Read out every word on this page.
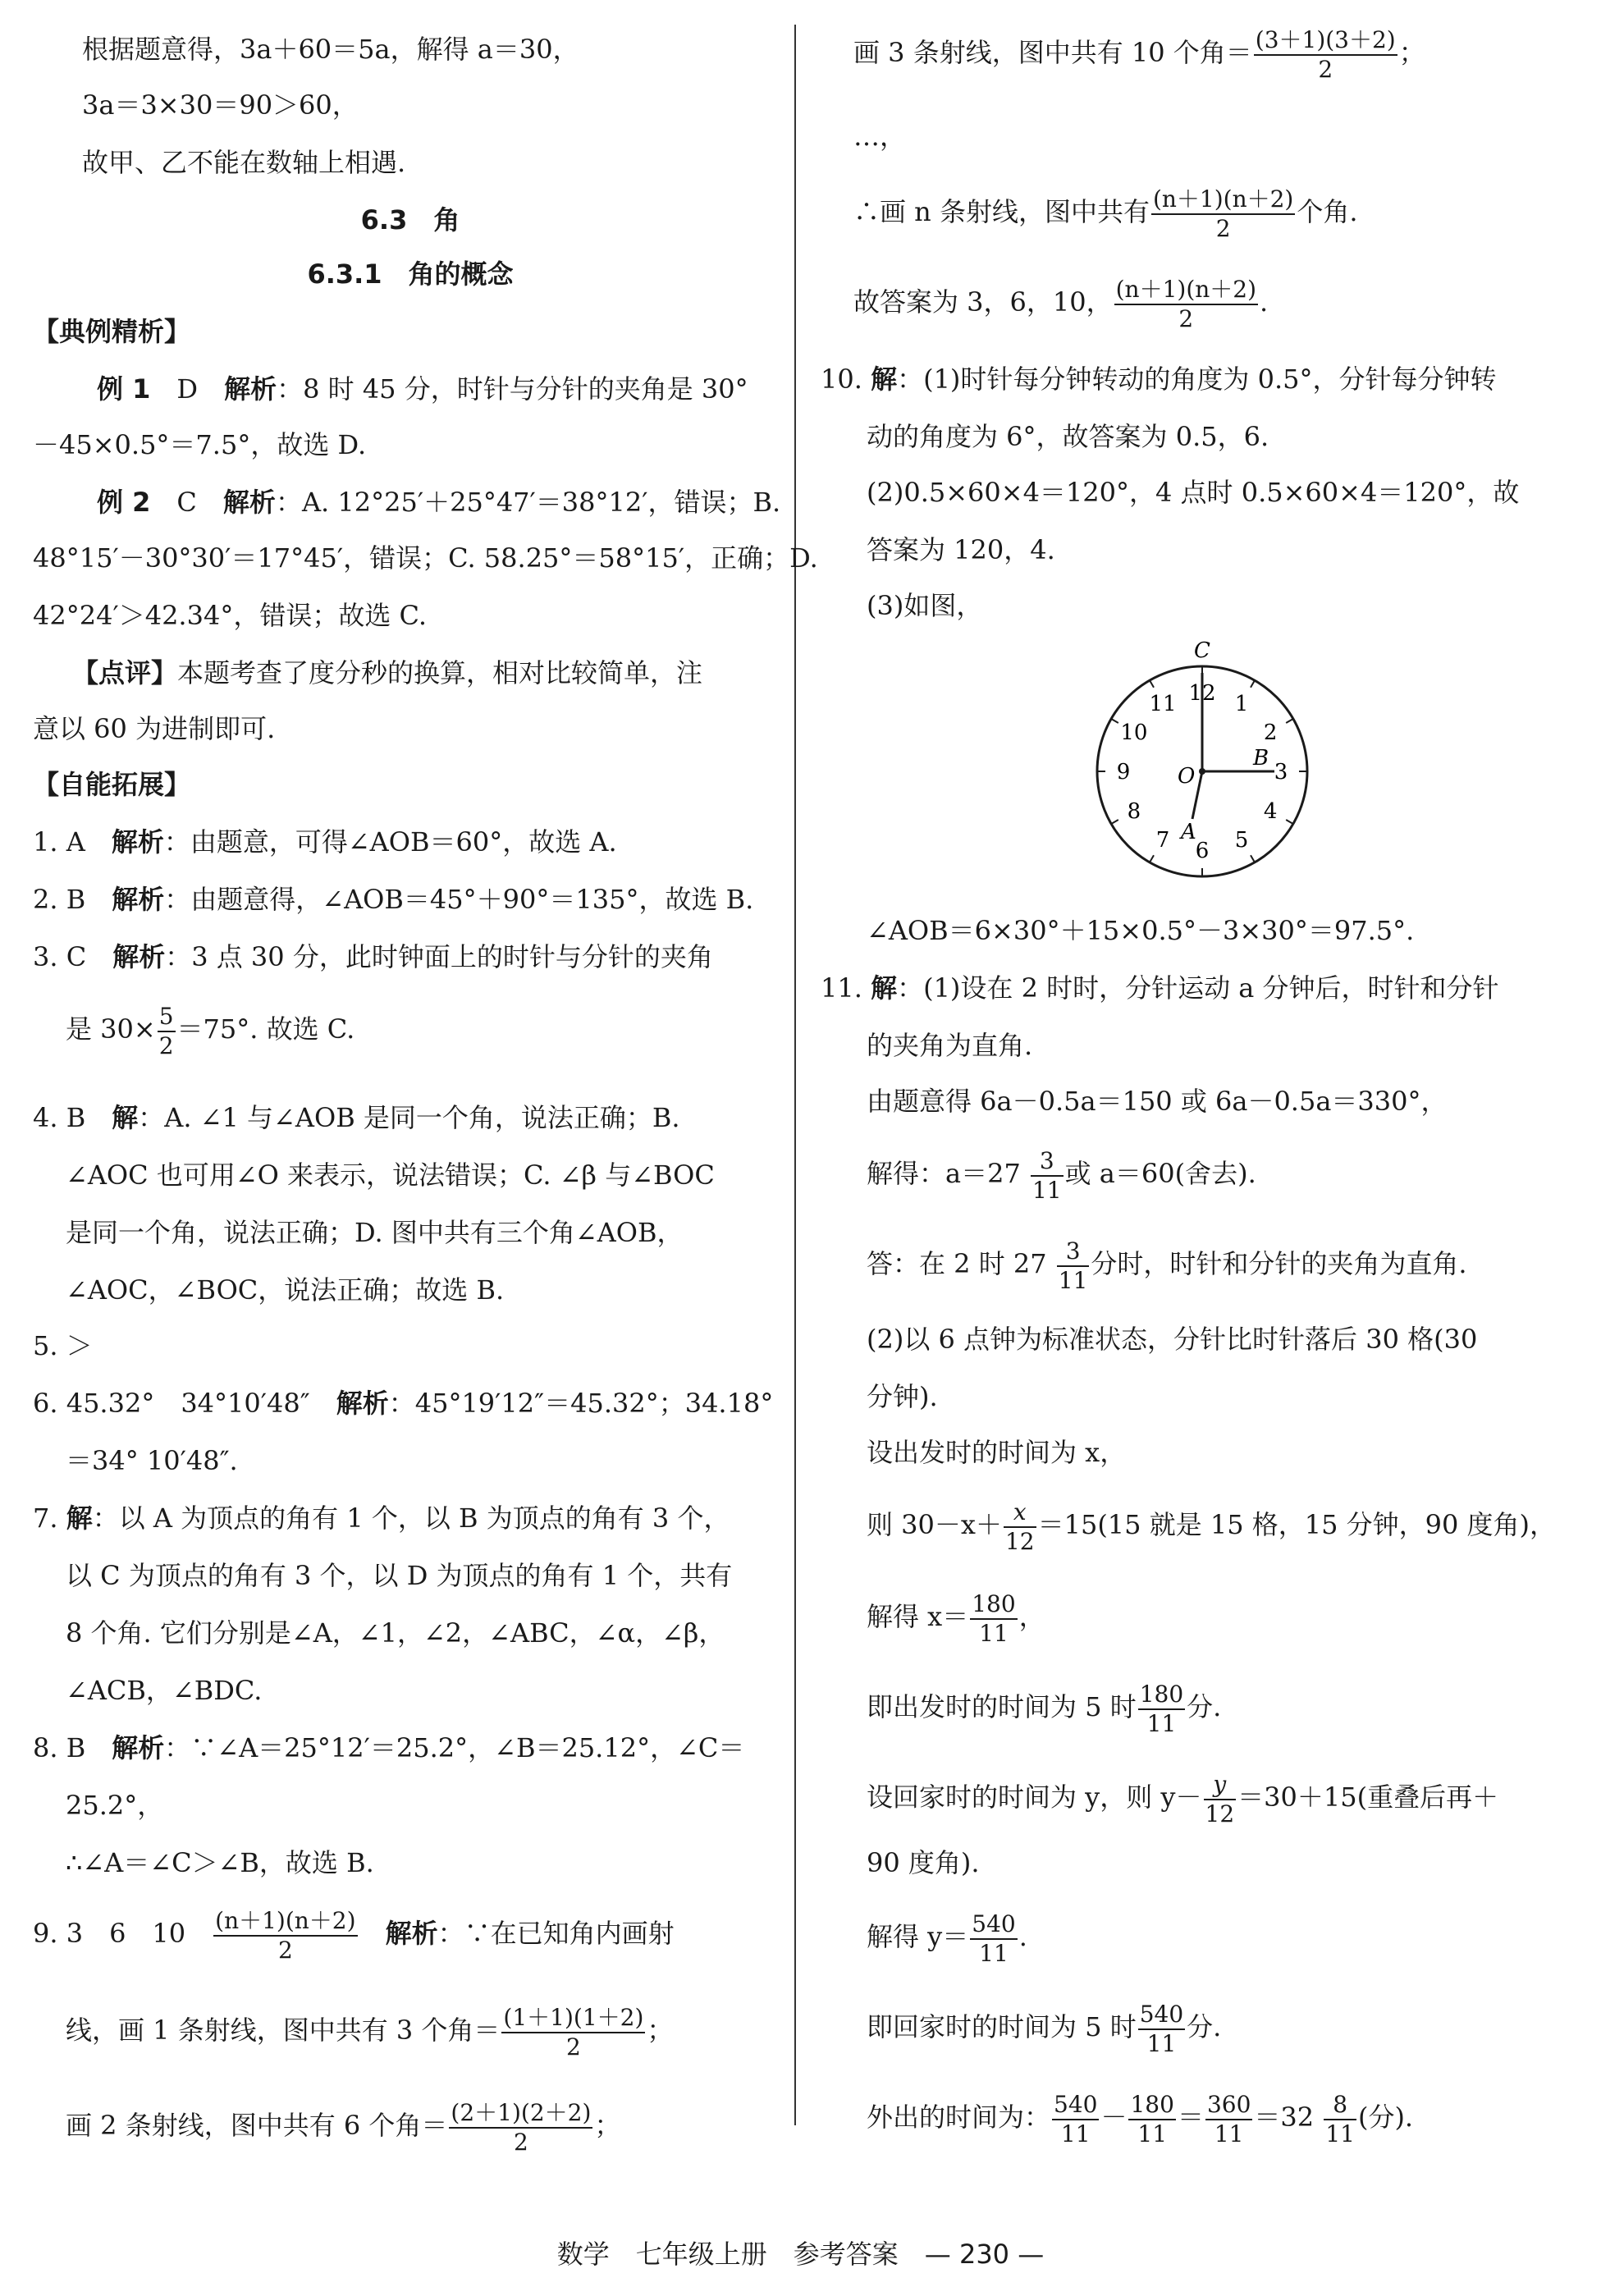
根据题意得，3a＋60＝5a，解得 a＝30，
3a＝3×30＝90＞60，
故甲、乙不能在数轴上相遇.
6.3　角
6.3.1　角的概念
【典例精析】
例 1　D　解析：8 时 45 分，时针与分针的夹角是 30°
－45×0.5°＝7.5°，故选 D.
例 2　C　解析：A. 12°25′＋25°47′＝38°12′，错误；B.
48°15′－30°30′＝17°45′，错误；C. 58.25°＝58°15′，正确；D.
42°24′＞42.34°，错误；故选 C.
【点评】本题考查了度分秒的换算，相对比较简单，注
意以 60 为进制即可.
【自能拓展】
1. A　解析：由题意，可得∠AOB＝60°，故选 A.
2. B　解析：由题意得，∠AOB＝45°＋90°＝135°，故选 B.
3. C　解析：3 点 30 分，此时钟面上的时针与分针的夹角
是 $30\times \frac{5}{2} =75^\circ$. 故选 C.
4. B　解：A. ∠1 与∠AOB 是同一个角，说法正确；B.
∠AOC 也可用∠O 来表示，说法错误；C. ∠β 与∠BOC
是同一个角，说法正确；D. 图中共有三个角∠AOB，
∠AOC，∠BOC，说法正确；故选 B.
5. ＞
6. 45.32°　34°10′48″　解析：45°19′12″＝45.32°；34.18°
＝34° 10′48″.
7. 解：以 A 为顶点的角有 1 个，以 B 为顶点的角有 3 个，
以 C 为顶点的角有 3 个，以 D 为顶点的角有 1 个，共有
8 个角. 它们分别是∠A，∠1，∠2，∠ABC，∠α，∠β，
∠ACB，∠BDC.
8. B　解析：∵∠A＝25°12′＝25.2°，∠B＝25.12°，∠C＝
25.2°，
∴∠A＝∠C＞∠B，故选 B.
9. 3　6　10　 $\frac{(n+1)(n+2)}{2}$
　 解析：∵在已知角内画射
线，画 1 条射线，图中共有 3 个角＝ $\frac{(1+1)(1+2)}{2}$ ；
画 2 条射线，图中共有 6 个角＝ $\frac{(2+1)(2+2)}{2}$ ；
画 3 条射线，图中共有 10 个角＝ $\frac{(3+1)(3+2)}{2}$ ；
…，
∴画 n 条射线，图中共有 $\frac{(n+1)(n+2)}{2}$ 个角.
故答案为 3，6，10， $\frac{(n+1)(n+2)}{2}$ .
10. 解：(1)时针每分钟转动的角度为 0.5°，分针每分钟转
动的角度为 6°，故答案为 0.5，6.
(2)0.5×60×4＝120°，4 点时 0.5×60×4＝120°，故
答案为 120，4.
(3)如图，
∠AOB＝6×30°＋15×0.5°－3×30°＝97.5°.
11. 解：(1)设在 2 时时，分针运动 a 分钟后，时针和分针
的夹角为直角.
由题意得 6a－0.5a＝150 或 6a－0.5a＝330°，
解得：$a=27 \frac{3}{11}$ 或 a＝60(舍去).
答：在 2 时 $27 \frac{3}{11}$ 分时，时针和分针的夹角为直角.
(2)以 6 点钟为标准状态，分针比时针落后 30 格(30
分钟).
设出发时的时间为 x，
则 $30-x+ \frac{x}{12} =15(15$ 就是 15 格，15 分钟，90 度角)，
解得 $x= \frac{180}{11}$ ，
即出发时的时间为 5 时 $\frac{180}{11}$ 分.
设回家时的时间为 y，则 $y- \frac{y}{12} =30+15$(重叠后再＋
90 度角).
解得 $y= \frac{540}{11}$ .
即回家时的时间为 5 时 $\frac{540}{11}$ 分.
外出的时间为： $\frac{540}{11} - \frac{180}{11} = \frac{360}{11} =32 \frac{8}{11}$ (分).
12 1
2
3
4
5
6
7
8
9
10
11
C
B
O
A
数学　七年级上册　参考答案　— 230 —
